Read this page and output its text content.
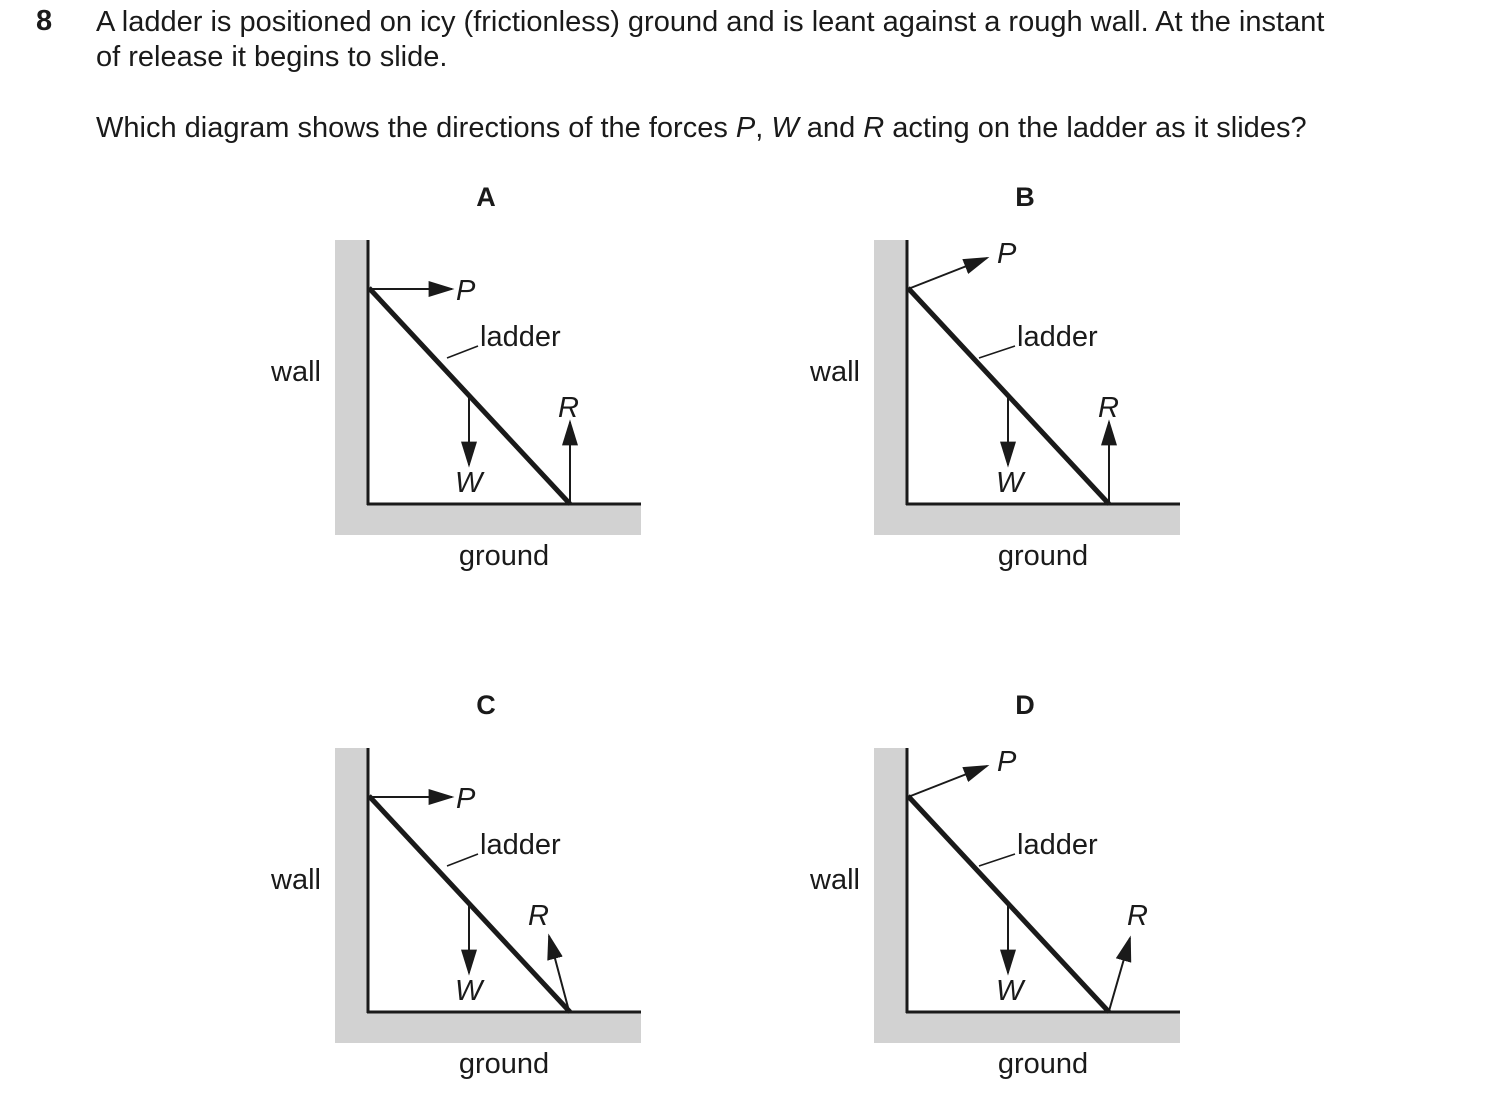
8 A ladder is positioned on icy (frictionless) ground and is leant against a rough wall. At the instant

of release it begins to slide.

Which diagram shows the directions of the forces P, W and R acting on the ladder as it slides?
A
wall
ground
ladder
P
W
R
B
wall
ground
ladder
P
W
R
C
wall
ground
ladder
P
W
R
D
wall
ground
ladder
P
W
R
